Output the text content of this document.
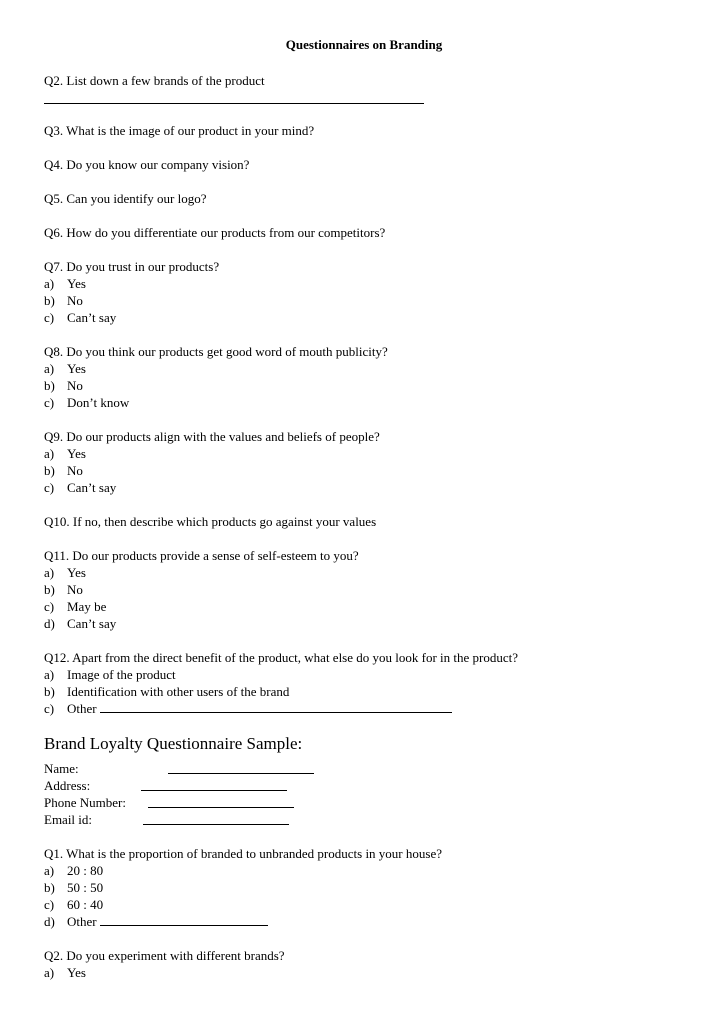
Questionnaires on Branding
Q2. List down a few brands of the product
Q3. What is the image of our product in your mind?
Q4. Do you know our company vision?
Q5. Can you identify our logo?
Q6. How do you differentiate our products from our competitors?
Q7. Do you trust in our products?
a) Yes
b) No
c) Can’t say
Q8. Do you think our products get good word of mouth publicity?
a) Yes
b) No
c) Don’t know
Q9. Do our products align with the values and beliefs of people?
a) Yes
b) No
c) Can’t say
Q10. If no, then describe which products go against your values
Q11. Do our products provide a sense of self-esteem to you?
a) Yes
b) No
c) May be
d) Can’t say
Q12. Apart from the direct benefit of the product, what else do you look for in the product?
a) Image of the product
b) Identification with other users of the brand
c) Other
Brand Loyalty Questionnaire Sample:
Name:
Address:
Phone Number:
Email id:
Q1. What is the proportion of branded to unbranded products in your house?
a) 20 : 80
b) 50 : 50
c) 60 : 40
d) Other
Q2. Do you experiment with different brands?
a) Yes
